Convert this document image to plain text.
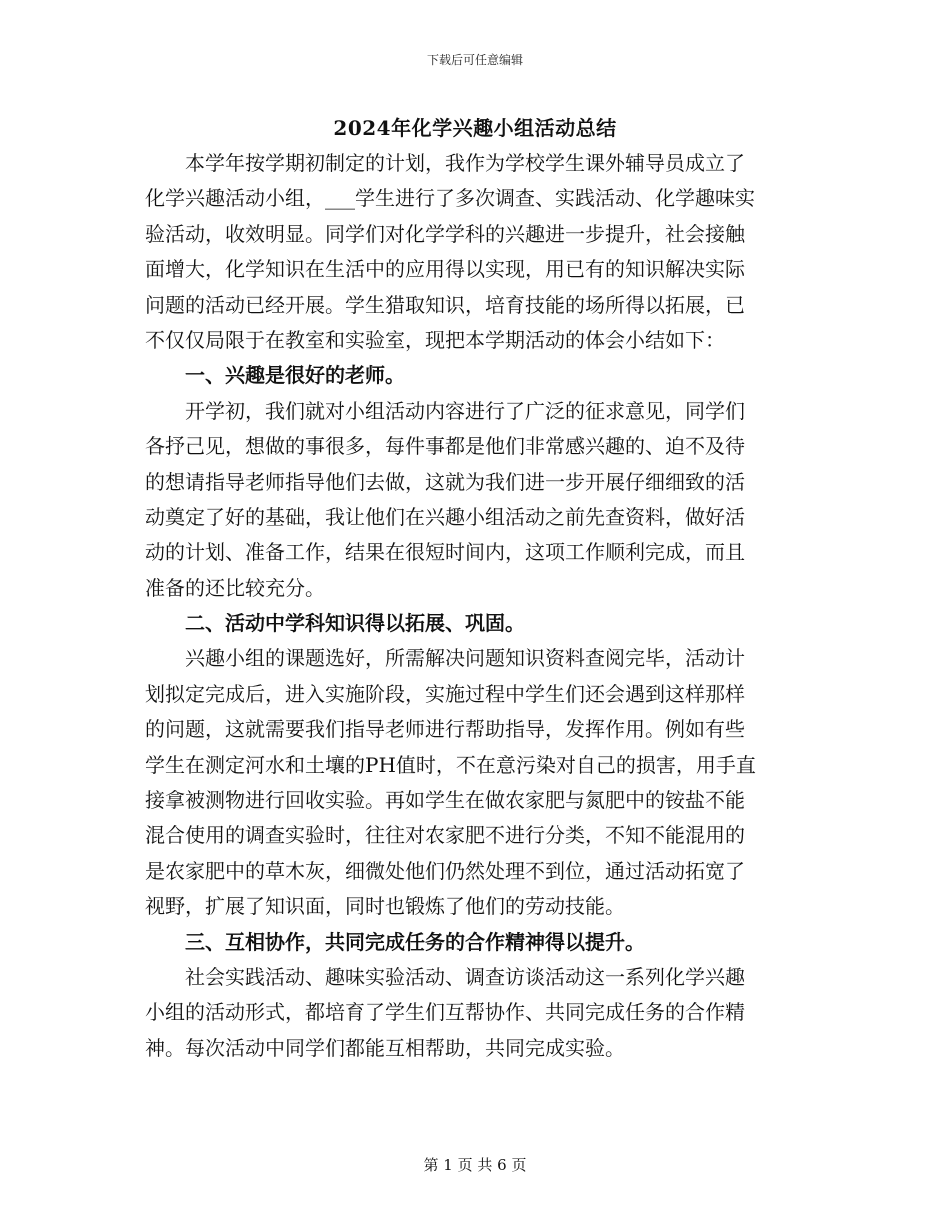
下载后可任意编辑
2024年化学兴趣小组活动总结
本学年按学期初制定的计划，我作为学校学生课外辅导员成立了
化学兴趣活动小组，___学生进行了多次调查、实践活动、化学趣味实
验活动，收效明显。同学们对化学学科的兴趣进一步提升，社会接触
面增大，化学知识在生活中的应用得以实现，用已有的知识解决实际
问题的活动已经开展。学生猎取知识，培育技能的场所得以拓展，已
不仅仅局限于在教室和实验室，现把本学期活动的体会小结如下：
一、兴趣是很好的老师。
开学初，我们就对小组活动内容进行了广泛的征求意见，同学们
各抒己见，想做的事很多，每件事都是他们非常感兴趣的、迫不及待
的想请指导老师指导他们去做，这就为我们进一步开展仔细细致的活
动奠定了好的基础，我让他们在兴趣小组活动之前先查资料，做好活
动的计划、准备工作，结果在很短时间内，这项工作顺利完成，而且
准备的还比较充分。
二、活动中学科知识得以拓展、巩固。
兴趣小组的课题选好，所需解决问题知识资料查阅完毕，活动计
划拟定完成后，进入实施阶段，实施过程中学生们还会遇到这样那样
的问题，这就需要我们指导老师进行帮助指导，发挥作用。例如有些
学生在测定河水和土壤的PH值时，不在意污染对自己的损害，用手直
接拿被测物进行回收实验。再如学生在做农家肥与氮肥中的铵盐不能
混合使用的调查实验时，往往对农家肥不进行分类，不知不能混用的
是农家肥中的草木灰，细微处他们仍然处理不到位，通过活动拓宽了
视野，扩展了知识面，同时也锻炼了他们的劳动技能。
三、互相协作，共同完成任务的合作精神得以提升。
社会实践活动、趣味实验活动、调查访谈活动这一系列化学兴趣
小组的活动形式，都培育了学生们互帮协作、共同完成任务的合作精
神。每次活动中同学们都能互相帮助，共同完成实验。
第 1 页 共 6 页
